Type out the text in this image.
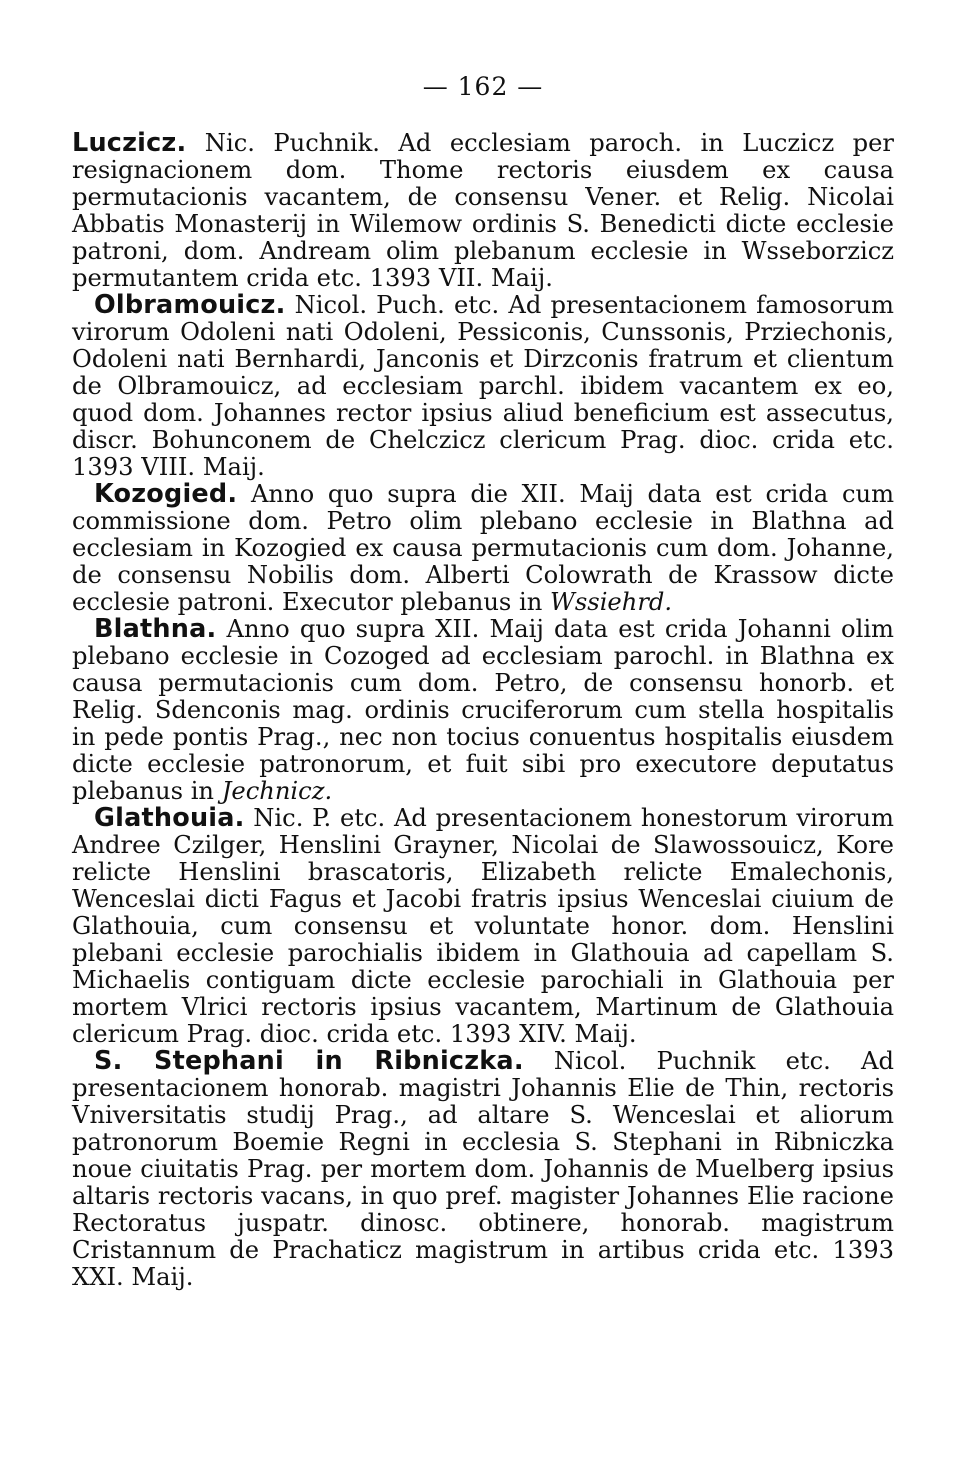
— 162 —

Luczicz. Nic. Puchnik. Ad ecclesiam paroch. in Luczicz per resignacionem dom. Thome rectoris eiusdem ex causa permutacionis vacantem, de consensu Vener. et Relig. Nicolai Abbatis Monasterij in Wilemow ordinis S. Benedicti dicte ecclesie patroni, dom. Andream olim plebanum ecclesie in Wsseborzicz permutantem crida etc. 1393 VII. Maij.

Olbramouicz. Nicol. Puch. etc. Ad presentacionem famosorum virorum Odoleni nati Odoleni, Pessiconis, Cunssonis, Prziechonis, Odoleni nati Bernhardi, Janconis et Dirzconis fratrum et clientum de Olbramouicz, ad ecclesiam parchl. ibidem vacantem ex eo, quod dom. Johannes rector ipsius aliud beneficium est assecutus, discr. Bohunconem de Chelczicz clericum Prag. dioc. crida etc. 1393 VIII. Maij.

Kozogied. Anno quo supra die XII. Maij data est crida cum commissione dom. Petro olim plebano ecclesie in Blathna ad ecclesiam in Kozogied ex causa permutacionis cum dom. Johanne, de consensu Nobilis dom. Alberti Colowrath de Krassow dicte ecclesie patroni. Executor plebanus in Wssiehrd.

Blathna. Anno quo supra XII. Maij data est crida Johanni olim plebano ecclesie in Cozoged ad ecclesiam parochl. in Blathna ex causa permutacionis cum dom. Petro, de consensu honorb. et Relig. Sdenconis mag. ordinis cruciferorum cum stella hospitalis in pede pontis Prag., nec non tocius conuentus hospitalis eiusdem dicte ecclesie patronorum, et fuit sibi pro executore deputatus plebanus in Jechnicz.

Glathouia. Nic. P. etc. Ad presentacionem honestorum virorum Andree Czilger, Henslini Grayner, Nicolai de Slawossouicz, Kore relicte Henslini brascatoris, Elizabeth relicte Emalechonis, Wenceslai dicti Fagus et Jacobi fratris ipsius Wenceslai ciuium de Glathouia, cum consensu et voluntate honor. dom. Henslini plebani ecclesie parochialis ibidem in Glathouia ad capellam S. Michaelis contiguam dicte ecclesie parochiali in Glathouia per mortem Vlrici rectoris ipsius vacantem, Martinum de Glathouia clericum Prag. dioc. crida etc. 1393 XIV. Maij.

S. Stephani in Ribniczka. Nicol. Puchnik etc. Ad presentacionem honorab. magistri Johannis Elie de Thin, rectoris Vniversitatis studij Prag., ad altare S. Wenceslai et aliorum patronorum Boemie Regni in ecclesia S. Stephani in Ribniczka noue ciuitatis Prag. per mortem dom. Johannis de Muelberg ipsius altaris rectoris vacans, in quo pref. magister Johannes Elie racione Rectoratus juspatr. dinosc. obtinere, honorab. magistrum Cristannum de Prachaticz magistrum in artibus crida etc. 1393 XXI. Maij.
